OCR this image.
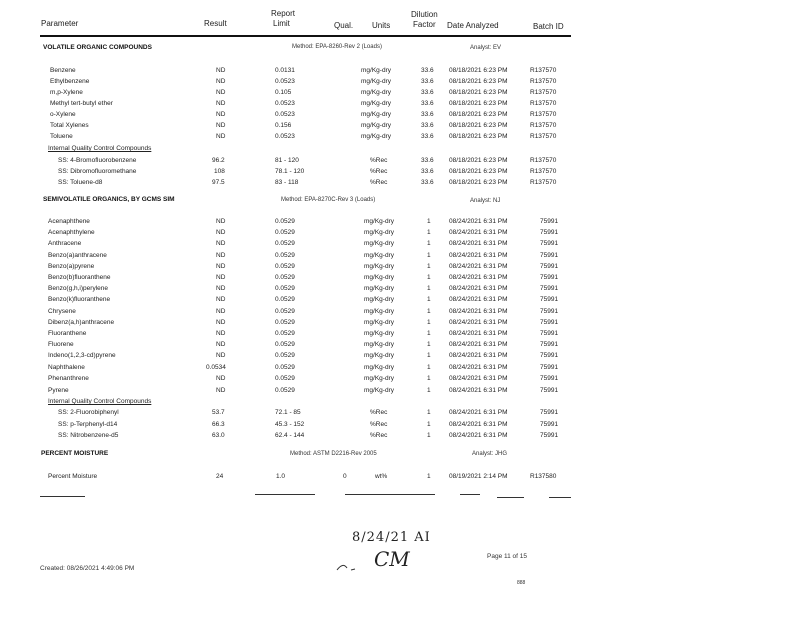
Parameter	Result
Report
Limit	Qual. Units
Dilution
Factor Date Analyzed	Batch ID
VOLATILE ORGANIC COMPOUNDS	Method: EPA-8260-Rev 2 (Loads)	Analyst: EV
Benzene	ND	0.0131	mg/Kg-dry	33.6 08/18/2021 6:23 PM	R137570
Ethylbenzene	ND	0.0523	mg/Kg-dry	33.6 08/18/2021 6:23 PM	R137570
m,p-Xylene	ND	0.105	mg/Kg-dry	33.6 08/18/2021 6:23 PM	R137570
Methyl tert-butyl ether	ND	0.0523	mg/Kg-dry	33.6 08/18/2021 6:23 PM	R137570
o-Xylene	ND	0.0523	mg/Kg-dry	33.6 08/18/2021 6:23 PM	R137570
Total Xylenes	ND	0.156	mg/Kg-dry	33.6 08/18/2021 6:23 PM	R137570
Toluene	ND	0.0523	mg/Kg-dry	33.6 08/18/2021 6:23 PM	R137570
Internal Quality Control Compounds
SS: 4-Bromofluorobenzene	96.2	81 - 120	%Rec	33.6 08/18/2021 6:23 PM	R137570
SS: Dibromofluoromethane	108	78.1 - 120	%Rec	33.6 08/18/2021 6:23 PM	R137570
SS: Toluene-d8	97.5	83 - 118	%Rec	33.6 08/18/2021 6:23 PM	R137570
SEMIVOLATILE ORGANICS, BY GCMS SIM	Method: EPA-8270C-Rev 3 (Loads)	Analyst: NJ
Acenaphthene	ND	0.0529	mg/Kg-dry	1	08/24/2021 6:31 PM	75991
Acenaphthylene	ND	0.0529	mg/Kg-dry	1	08/24/2021 6:31 PM	75991
Anthracene	ND	0.0529	mg/Kg-dry	1	08/24/2021 6:31 PM	75991
Benzo(a)anthracene	ND	0.0529	mg/Kg-dry	1	08/24/2021 6:31 PM	75991
Benzo(a)pyrene	ND	0.0529	mg/Kg-dry	1	08/24/2021 6:31 PM	75991
Benzo(b)fluoranthene	ND	0.0529	mg/Kg-dry	1	08/24/2021 6:31 PM	75991
Benzo(g,h,i)perylene	ND	0.0529	mg/Kg-dry	1	08/24/2021 6:31 PM	75991
Benzo(k)fluoranthene	ND	0.0529	mg/Kg-dry	1	08/24/2021 6:31 PM	75991
Chrysene	ND	0.0529	mg/Kg-dry	1	08/24/2021 6:31 PM	75991
Dibenz(a,h)anthracene	ND	0.0529	mg/Kg-dry	1	08/24/2021 6:31 PM	75991
Fluoranthene	ND	0.0529	mg/Kg-dry	1	08/24/2021 6:31 PM	75991
Fluorene	ND	0.0529	mg/Kg-dry	1	08/24/2021 6:31 PM	75991
Indeno(1,2,3-cd)pyrene	ND	0.0529	mg/Kg-dry	1	08/24/2021 6:31 PM	75991
Naphthalene	0.0534	0.0529	mg/Kg-dry	1	08/24/2021 6:31 PM	75991
Phenanthrene	ND	0.0529	mg/Kg-dry	1	08/24/2021 6:31 PM	75991
Pyrene	ND	0.0529	mg/Kg-dry	1	08/24/2021 6:31 PM	75991
Internal Quality Control Compounds
SS: 2-Fluorobiphenyl	53.7	72.1 - 85	%Rec	1	08/24/2021 6:31 PM	75991
SS: p-Terphenyl-d14	66.3	45.3 - 152	%Rec	1	08/24/2021 6:31 PM	75991
SS: Nitrobenzene-d5	63.0	62.4 - 144	%Rec	1	08/24/2021 6:31 PM	75991
PERCENT MOISTURE	Method: ASTM D2216-Rev 2005	Analyst: JHG
Percent Moisture	24	1.0	0	wt%	1	08/19/2021 2:14 PM	R137580
8/24/21 AI
CM	Page 11 of 15
Created: 08/26/2021 4:49:06 PM
888
